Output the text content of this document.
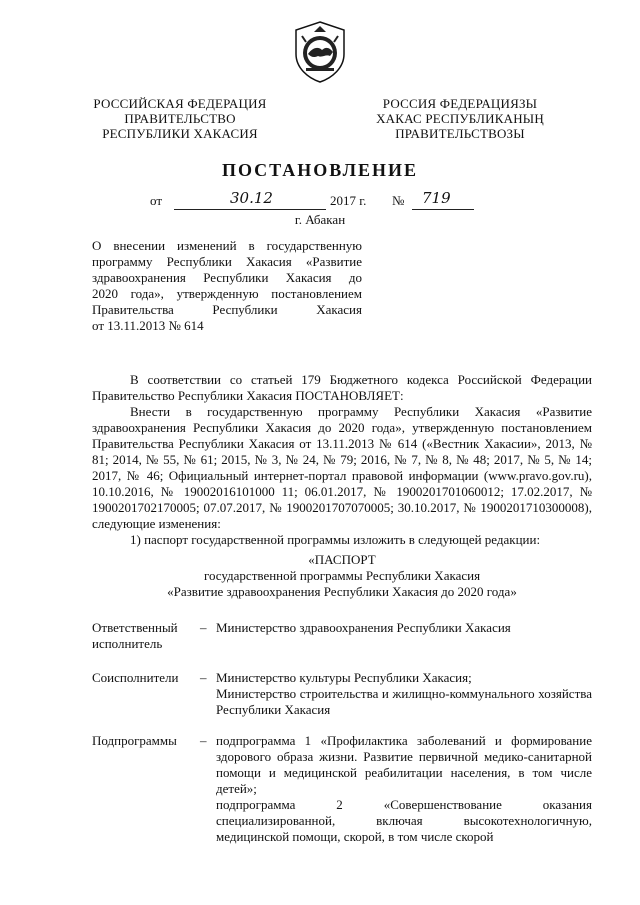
РОССИЙСКАЯ ФЕДЕРАЦИЯ
ПРАВИТЕЛЬСТВО
РЕСПУБЛИКИ ХАКАСИЯ
РОССИЯ ФЕДЕРАЦИЯЗЫ
ХАКАС РЕСПУБЛИКАНЫҢ
ПРАВИТЕЛЬСТВОЗЫ
ПОСТАНОВЛЕНИЕ
от	30.12	2017 г. № 719
г. Абакан

О внесении изменений в государственную

программу Республики Хакасия «Развитие

здравоохранения Республики Хакасия до

2020 года», утвержденную постановлением

Правительства Республики Хакасия

от 13.11.2013 № 614

В соответствии со статьей 179 Бюджетного кодекса Российской Федерации Правительство Республики Хакасия ПОСТАНОВЛЯЕТ:

Внести в государственную программу Республики Хакасия «Развитие здравоохранения Республики Хакасия до 2020 года», утвержденную постановлением Правительства Республики Хакасия от 13.11.2013 № 614 («Вестник Хакасии», 2013, № 81; 2014, № 55, № 61; 2015, № 3, № 24, № 79; 2016, № 7, № 8, № 48; 2017, № 5, № 14; 2017, № 46; Официальный интернет-портал правовой информации (www.pravo.gov.ru), 10.10.2016, № 19002016101000 11; 06.01.2017, № 1900201701060012; 17.02.2017, № 1900201702170005; 07.07.2017, № 1900201707070005; 30.10.2017, № 1900201710300008), следующие изменения:

1) паспорт государственной программы изложить в следующей редакции:

«ПАСПОРТ
государственной программы Республики Хакасия
«Развитие здравоохранения Республики Хакасия до 2020 года»
Ответственный исполнитель
– Министерство здравоохранения Республики Хакасия

Соисполнители	– Министерство культуры Республики Хакасия;

Министерство строительства и жилищно-коммунального хозяйства Республики Хакасия

Подпрограммы	– подпрограмма 1 «Профилактика заболеваний и формирование здорового образа жизни. Развитие первичной медико-санитарной помощи и медицинской реабилитации населения, в том числе детей»;

подпрограмма 2 «Совершенствование оказания специализированной, включая высокотехнологичную, медицинской помощи, скорой, в том числе скорой
